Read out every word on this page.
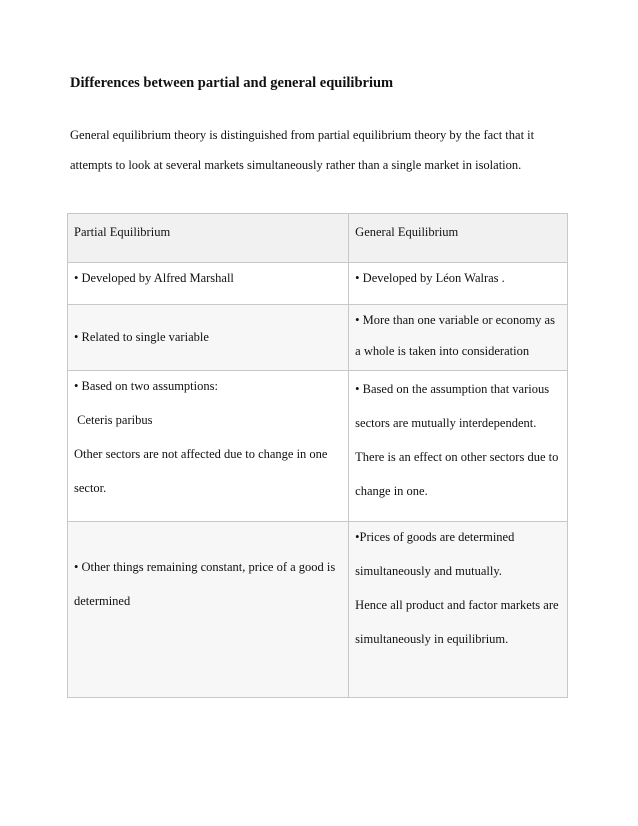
Differences between partial and general equilibrium

General equilibrium theory is distinguished from partial equilibrium theory by the fact that it
attempts to look at several markets simultaneously rather than a single market in isolation.

Partial Equilibrium	General Equilibrium

• Developed by Alfred Marshall	• Developed by Léon Walras .

• Related to single variable	• More than one variable or economy as
a whole is taken into consideration

• Based on two assumptions:
Ceteris paribus
Other sectors are not affected due to change in one
sector.	• Based on the assumption that various
sectors are mutually interdependent.
There is an effect on other sectors due to
change in one.

• Other things remaining constant, price of a good is
determined	•Prices of goods are determined
simultaneously and mutually.
Hence all product and factor markets are
simultaneously in equilibrium.
